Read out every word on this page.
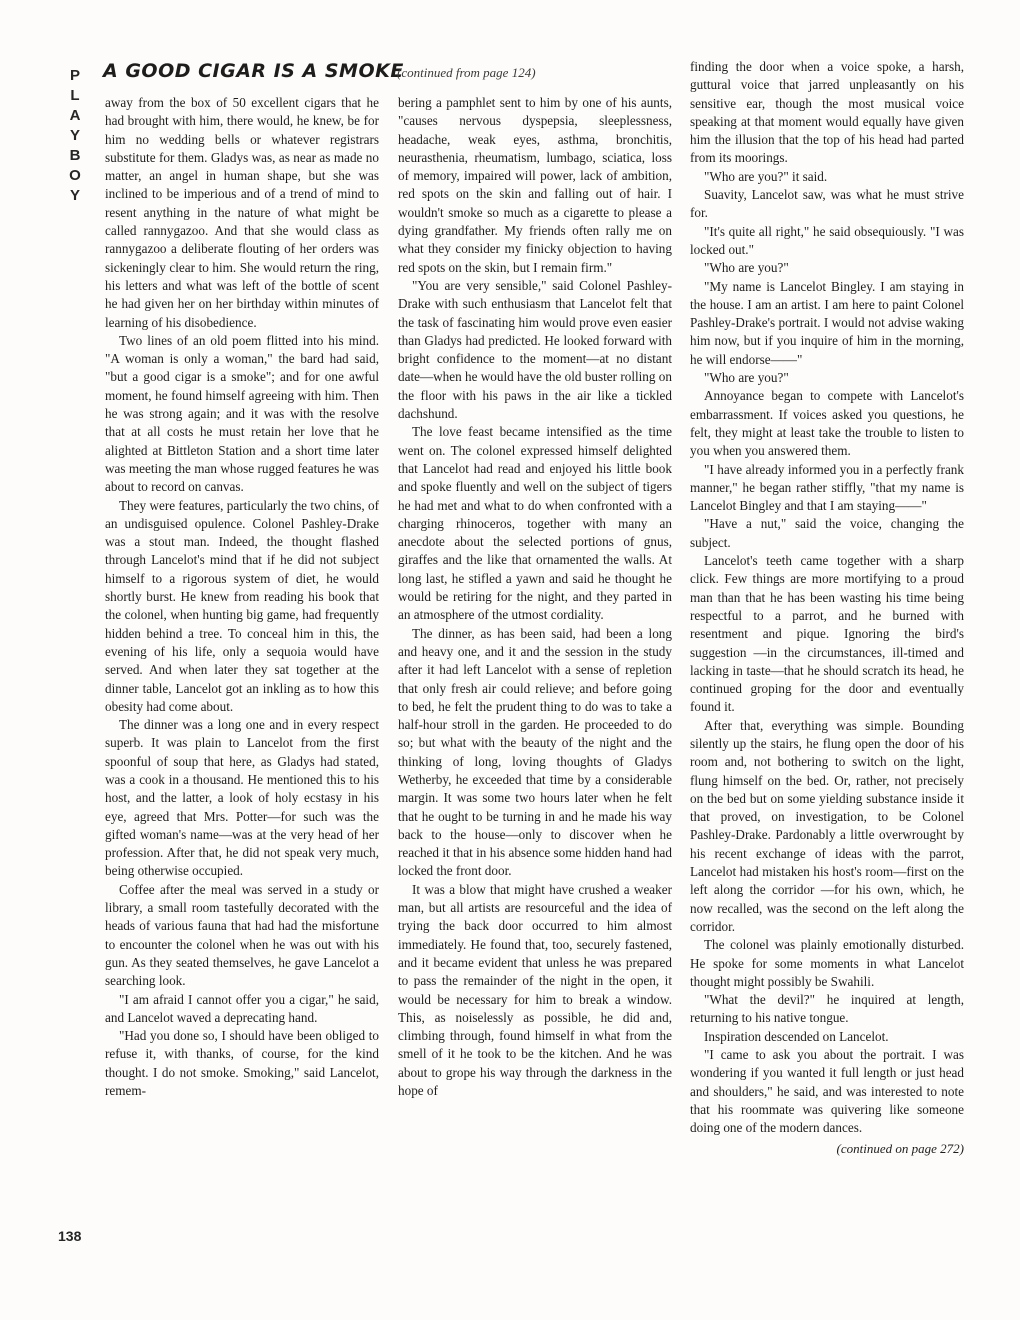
P
L
A
Y
B
O
Y
A GOOD CIGAR IS A SMOKE
(continued from page 124)

away from the box of 50 excellent cigars that he had brought with him, there would, he knew, be for him no wedding bells or whatever registrars substitute for them. Gladys was, as near as made no matter, an angel in human shape, but she was inclined to be imperious and of a trend of mind to resent anything in the nature of what might be called rannygazoo. And that she would class as rannygazoo a deliberate flouting of her orders was sickeningly clear to him. She would return the ring, his letters and what was left of the bottle of scent he had given her on her birthday within minutes of learning of his disobedience.

Two lines of an old poem flitted into his mind. "A woman is only a woman," the bard had said, "but a good cigar is a smoke"; and for one awful moment, he found himself agreeing with him. Then he was strong again; and it was with the resolve that at all costs he must retain her love that he alighted at Bittleton Station and a short time later was meeting the man whose rugged features he was about to record on canvas.

They were features, particularly the two chins, of an undisguised opulence. Colonel Pashley-Drake was a stout man. Indeed, the thought flashed through Lancelot's mind that if he did not subject himself to a rigorous system of diet, he would shortly burst. He knew from reading his book that the colonel, when hunting big game, had frequently hidden behind a tree. To conceal him in this, the evening of his life, only a sequoia would have served. And when later they sat together at the dinner table, Lancelot got an inkling as to how this obesity had come about.

The dinner was a long one and in every respect superb. It was plain to Lancelot from the first spoonful of soup that here, as Gladys had stated, was a cook in a thousand. He mentioned this to his host, and the latter, a look of holy ecstasy in his eye, agreed that Mrs. Potter—for such was the gifted woman's name—was at the very head of her profession. After that, he did not speak very much, being otherwise occupied.

Coffee after the meal was served in a study or library, a small room tastefully decorated with the heads of various fauna that had had the misfortune to encounter the colonel when he was out with his gun. As they seated themselves, he gave Lancelot a searching look.

"I am afraid I cannot offer you a cigar," he said, and Lancelot waved a deprecating hand.

"Had you done so, I should have been obliged to refuse it, with thanks, of course, for the kind thought. I do not smoke. Smoking," said Lancelot, remem-

bering a pamphlet sent to him by one of his aunts, "causes nervous dyspepsia, sleeplessness, headache, weak eyes, asthma, bronchitis, neurasthenia, rheumatism, lumbago, sciatica, loss of memory, impaired will power, lack of ambition, red spots on the skin and falling out of hair. I wouldn't smoke so much as a cigarette to please a dying grandfather. My friends often rally me on what they consider my finicky objection to having red spots on the skin, but I remain firm."

"You are very sensible," said Colonel Pashley-Drake with such enthusiasm that Lancelot felt that the task of fascinating him would prove even easier than Gladys had predicted. He looked forward with bright confidence to the moment—at no distant date—when he would have the old buster rolling on the floor with his paws in the air like a tickled dachshund.

The love feast became intensified as the time went on. The colonel expressed himself delighted that Lancelot had read and enjoyed his little book and spoke fluently and well on the subject of tigers he had met and what to do when confronted with a charging rhinoceros, together with many an anecdote about the selected portions of gnus, giraffes and the like that ornamented the walls. At long last, he stifled a yawn and said he thought he would be retiring for the night, and they parted in an atmosphere of the utmost cordiality.

The dinner, as has been said, had been a long and heavy one, and it and the session in the study after it had left Lancelot with a sense of repletion that only fresh air could relieve; and before going to bed, he felt the prudent thing to do was to take a half-hour stroll in the garden. He proceeded to do so; but what with the beauty of the night and the thinking of long, loving thoughts of Gladys Wetherby, he exceeded that time by a considerable margin. It was some two hours later when he felt that he ought to be turning in and he made his way back to the house—only to discover when he reached it that in his absence some hidden hand had locked the front door.

It was a blow that might have crushed a weaker man, but all artists are resourceful and the idea of trying the back door occurred to him almost immediately. He found that, too, securely fastened, and it became evident that unless he was prepared to pass the remainder of the night in the open, it would be necessary for him to break a window. This, as noiselessly as possible, he did and, climbing through, found himself in what from the smell of it he took to be the kitchen. And he was about to grope his way through the darkness in the hope of

finding the door when a voice spoke, a harsh, guttural voice that jarred unpleasantly on his sensitive ear, though the most musical voice speaking at that moment would equally have given him the illusion that the top of his head had parted from its moorings.

"Who are you?" it said.

Suavity, Lancelot saw, was what he must strive for.

"It's quite all right," he said obsequiously. "I was locked out."

"Who are you?"

"My name is Lancelot Bingley. I am staying in the house. I am an artist. I am here to paint Colonel Pashley-Drake's portrait. I would not advise waking him now, but if you inquire of him in the morning, he will endorse——"

"Who are you?"

Annoyance began to compete with Lancelot's embarrassment. If voices asked you questions, he felt, they might at least take the trouble to listen to you when you answered them.

"I have already informed you in a perfectly frank manner," he began rather stiffly, "that my name is Lancelot Bingley and that I am staying——"

"Have a nut," said the voice, changing the subject.

Lancelot's teeth came together with a sharp click. Few things are more mortifying to a proud man than that he has been wasting his time being respectful to a parrot, and he burned with resentment and pique. Ignoring the bird's suggestion —in the circumstances, ill-timed and lacking in taste—that he should scratch its head, he continued groping for the door and eventually found it.

After that, everything was simple. Bounding silently up the stairs, he flung open the door of his room and, not bothering to switch on the light, flung himself on the bed. Or, rather, not precisely on the bed but on some yielding substance inside it that proved, on investigation, to be Colonel Pashley-Drake. Pardonably a little overwrought by his recent exchange of ideas with the parrot, Lancelot had mistaken his host's room—first on the left along the corridor —for his own, which, he now recalled, was the second on the left along the corridor.

The colonel was plainly emotionally disturbed. He spoke for some moments in what Lancelot thought might possibly be Swahili.

"What the devil?" he inquired at length, returning to his native tongue.

Inspiration descended on Lancelot.

"I came to ask you about the portrait. I was wondering if you wanted it full length or just head and shoulders," he said, and was interested to note that his roommate was quivering like someone doing one of the modern dances.

(continued on page 272)
138
